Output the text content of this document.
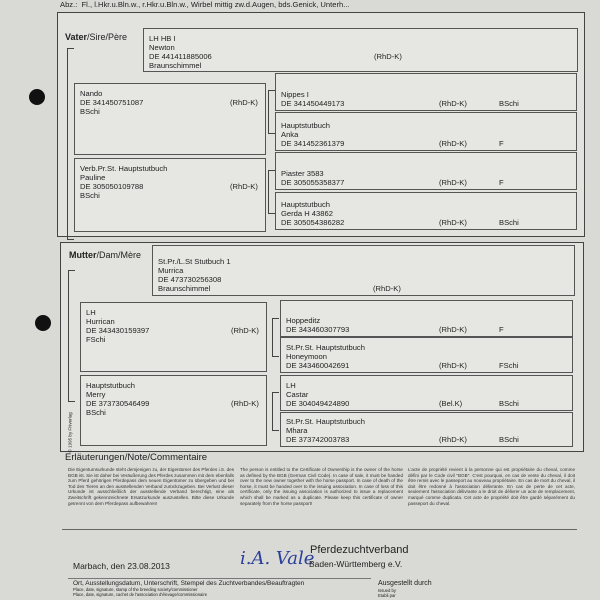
Abz.: Fl., l.Hkr.u.Bln.w., r.Hkr.u.Bln.w., Wirbel mittig zw.d.Augen, bds.Genick, Unterh...
Vater/Sire/Père
Mutter/Dam/Mère
LH HB I
Newton
DE 441411885006
Braunschimmel
(RhD-K)
Nando
DE 341450751087
BSchi
(RhD-K)
Verb.Pr.St. Hauptstutbuch
Pauline
DE 305050109788
BSchi
(RhD-K)
Nippes I
DE 341450449173	(RhD-K)	BSchi
Hauptstutbuch
Anka
DE 341452361379	(RhD-K)	F
Piaster 3583
DE 305055358377	(RhD-K)	F
Hauptstutbuch
Gerda H 43862
DE 305054386282	(RhD-K)	BSchi
St.Pr./L.St Stutbuch 1
Murrica
DE 473730256308
Braunschimmel	(RhD-K)
LH
Hurrican
DE 343430159397
FSchi
(RhD-K)
Hauptstutbuch
Merry
DE 373730546499
BSchi
(RhD-K)
Hoppeditz
DE 343460307793	(RhD-K)	F
St.Pr.St. Hauptstutbuch
Honeymoon
DE 343460042691	(RhD-K)	FSchi
LH
Castar
DE 304049424890	(Bel.K)	BSchi
St.Pr.St. Hauptstutbuch
Mhara
DE 373742003783	(RhD-K)	BSchi
© 1995 by FNverlag
Erläuterungen/Note/Commentaire
Die Eigentumsurkunde steht demjenigen zu, der Eigentümer des Pferdes i.S. des BGB ist. Sie ist daher bei Veräußerung des Pferdes zusammen mit dem ebenfalls zum Pferd gehörigen Pferdepass dem neuen Eigentümer zu übergeben und bei Tod des Tieres an den ausstellenden Verband zurückzugeben. Bei Verlust dieser Urkunde ist ausschließlich der ausstellende Verband berechtigt, eine als Zweitschrift gekennzeichnete Ersatzurkunde auszustellen. Bitte diese Urkunde getrennt von dem Pferdepass aufbewahren!
The person is entitled to the Certificate of Ownership is the owner of the horse as defined by the BGB (German Civil Code). In case of sale, it must be handed over to the new owner together with the horse passport. In case of death of the horse, it must be handed over to the issuing association. In case of loss of this certificate, only the issuing association is authorized to issue a replacement which shall be marked as a duplicate. Please keep this certificate of owner separately from the horse passport!
L'acte de propriété revient à la personne qui est propriétaire du cheval, comme défini par le Code civil "BGB". C'est pourquoi, en cas de vente du cheval, il doit être remis avec le passeport au nouveau propriétaire. En cas de mort du cheval, il doit être redonné à l'association délivrante. En cas de perte de cet acte, seulement l'association délivrante a le droit de délivrer un acte de remplacement, marqué comme duplicata. Cet acte de propriété doit être gardé séparément du passeport du cheval.
Marbach, den 23.08.2013	i.A. Vale
Pferdezuchtverband
Baden-Württemberg e.V.
Ort, Ausstellungsdatum, Unterschrift, Stempel des Zuchtverbandes/Beauftragten
Place, date, signature, stamp of the breeding society/commissioner
Place, date, signature, cachet de l'association d'élevage/commissionaire
Ausgestellt durch
Issued by
Etabli par
